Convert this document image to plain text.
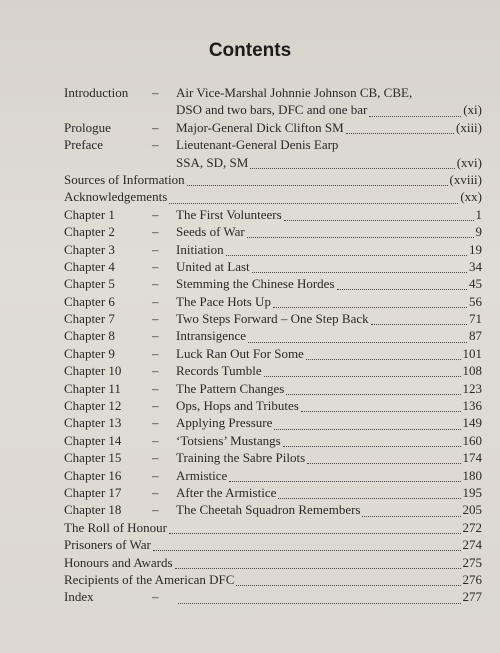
Contents
Introduction	–	Air Vice-Marshal Johnnie Johnson CB, CBE,
DSO and two bars, DFC and one bar	(xi)
Prologue	–	Major-General Dick Clifton SM	(xiii)
Preface	–	Lieutenant-General Denis Earp
SSA, SD, SM	(xvi)
Sources of Information	(xviii)
Acknowledgements	(xx)
Chapter 1	–	The First Volunteers	1
Chapter 2	–	Seeds of War	9
Chapter 3	–	Initiation	19
Chapter 4	–	United at Last	34
Chapter 5	–	Stemming the Chinese Hordes	45
Chapter 6	–	The Pace Hots Up	56
Chapter 7	–	Two Steps Forward – One Step Back	71
Chapter 8	–	Intransigence	87
Chapter 9	–	Luck Ran Out For Some	101
Chapter 10	–	Records Tumble	108
Chapter 11	–	The Pattern Changes	123
Chapter 12	–	Ops, Hops and Tributes	136
Chapter 13	–	Applying Pressure	149
Chapter 14	–	‘Totsiens’ Mustangs	160
Chapter 15	–	Training the Sabre Pilots	174
Chapter 16	–	Armistice	180
Chapter 17	–	After the Armistice	195
Chapter 18	–	The Cheetah Squadron Remembers	205
The Roll of Honour	272
Prisoners of War	274
Honours and Awards	275
Recipients of the American DFC	276
Index	–	277
